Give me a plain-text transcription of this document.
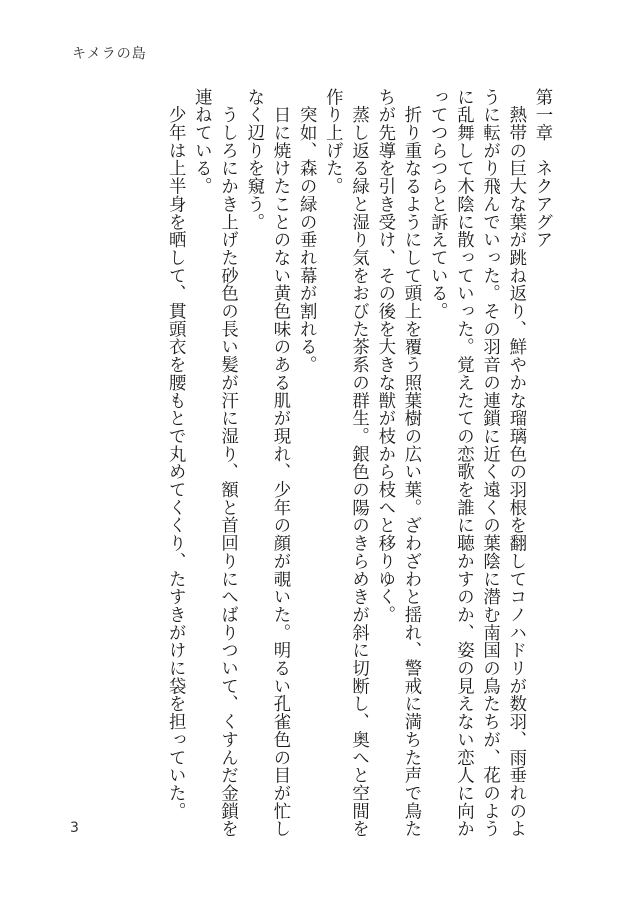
キメラの島

第一章　ネクアグア

　熱帯の巨大な葉が跳ね返り、鮮やかな瑠璃色の羽根を翻してコノハドリが数羽、雨垂れのように転がり飛んでいった。その羽音の連鎖に近く遠くの葉陰に潜む南国の鳥たちが、花のように乱舞して木陰に散っていった。覚えたての恋歌を誰に聴かすのか、姿の見えない恋人に向かってつらつらと訴えている。

　折り重なるようにして頭上を覆う照葉樹の広い葉。ざわざわと揺れ、警戒に満ちた声で鳥たちが先導を引き受け、その後を大きな獣が枝から枝へと移りゆく。

　蒸し返る緑と湿り気をおびた茶系の群生。銀色の陽のきらめきが斜に切断し、奥へと空間を作り上げた。

　突如、森の緑の垂れ幕が割れる。

　日に焼けたことのない黄色味のある肌が現れ、少年の顔が覗いた。明るい孔雀色の目が忙しなく辺りを窺う。

　うしろにかき上げた砂色の長い髪が汗に湿り、額と首回りにへばりついて、くすんだ金鎖を連ねている。

　少年は上半身を晒して、貫頭衣を腰もとで丸めてくくり、たすきがけに袋を担っていた。

3
